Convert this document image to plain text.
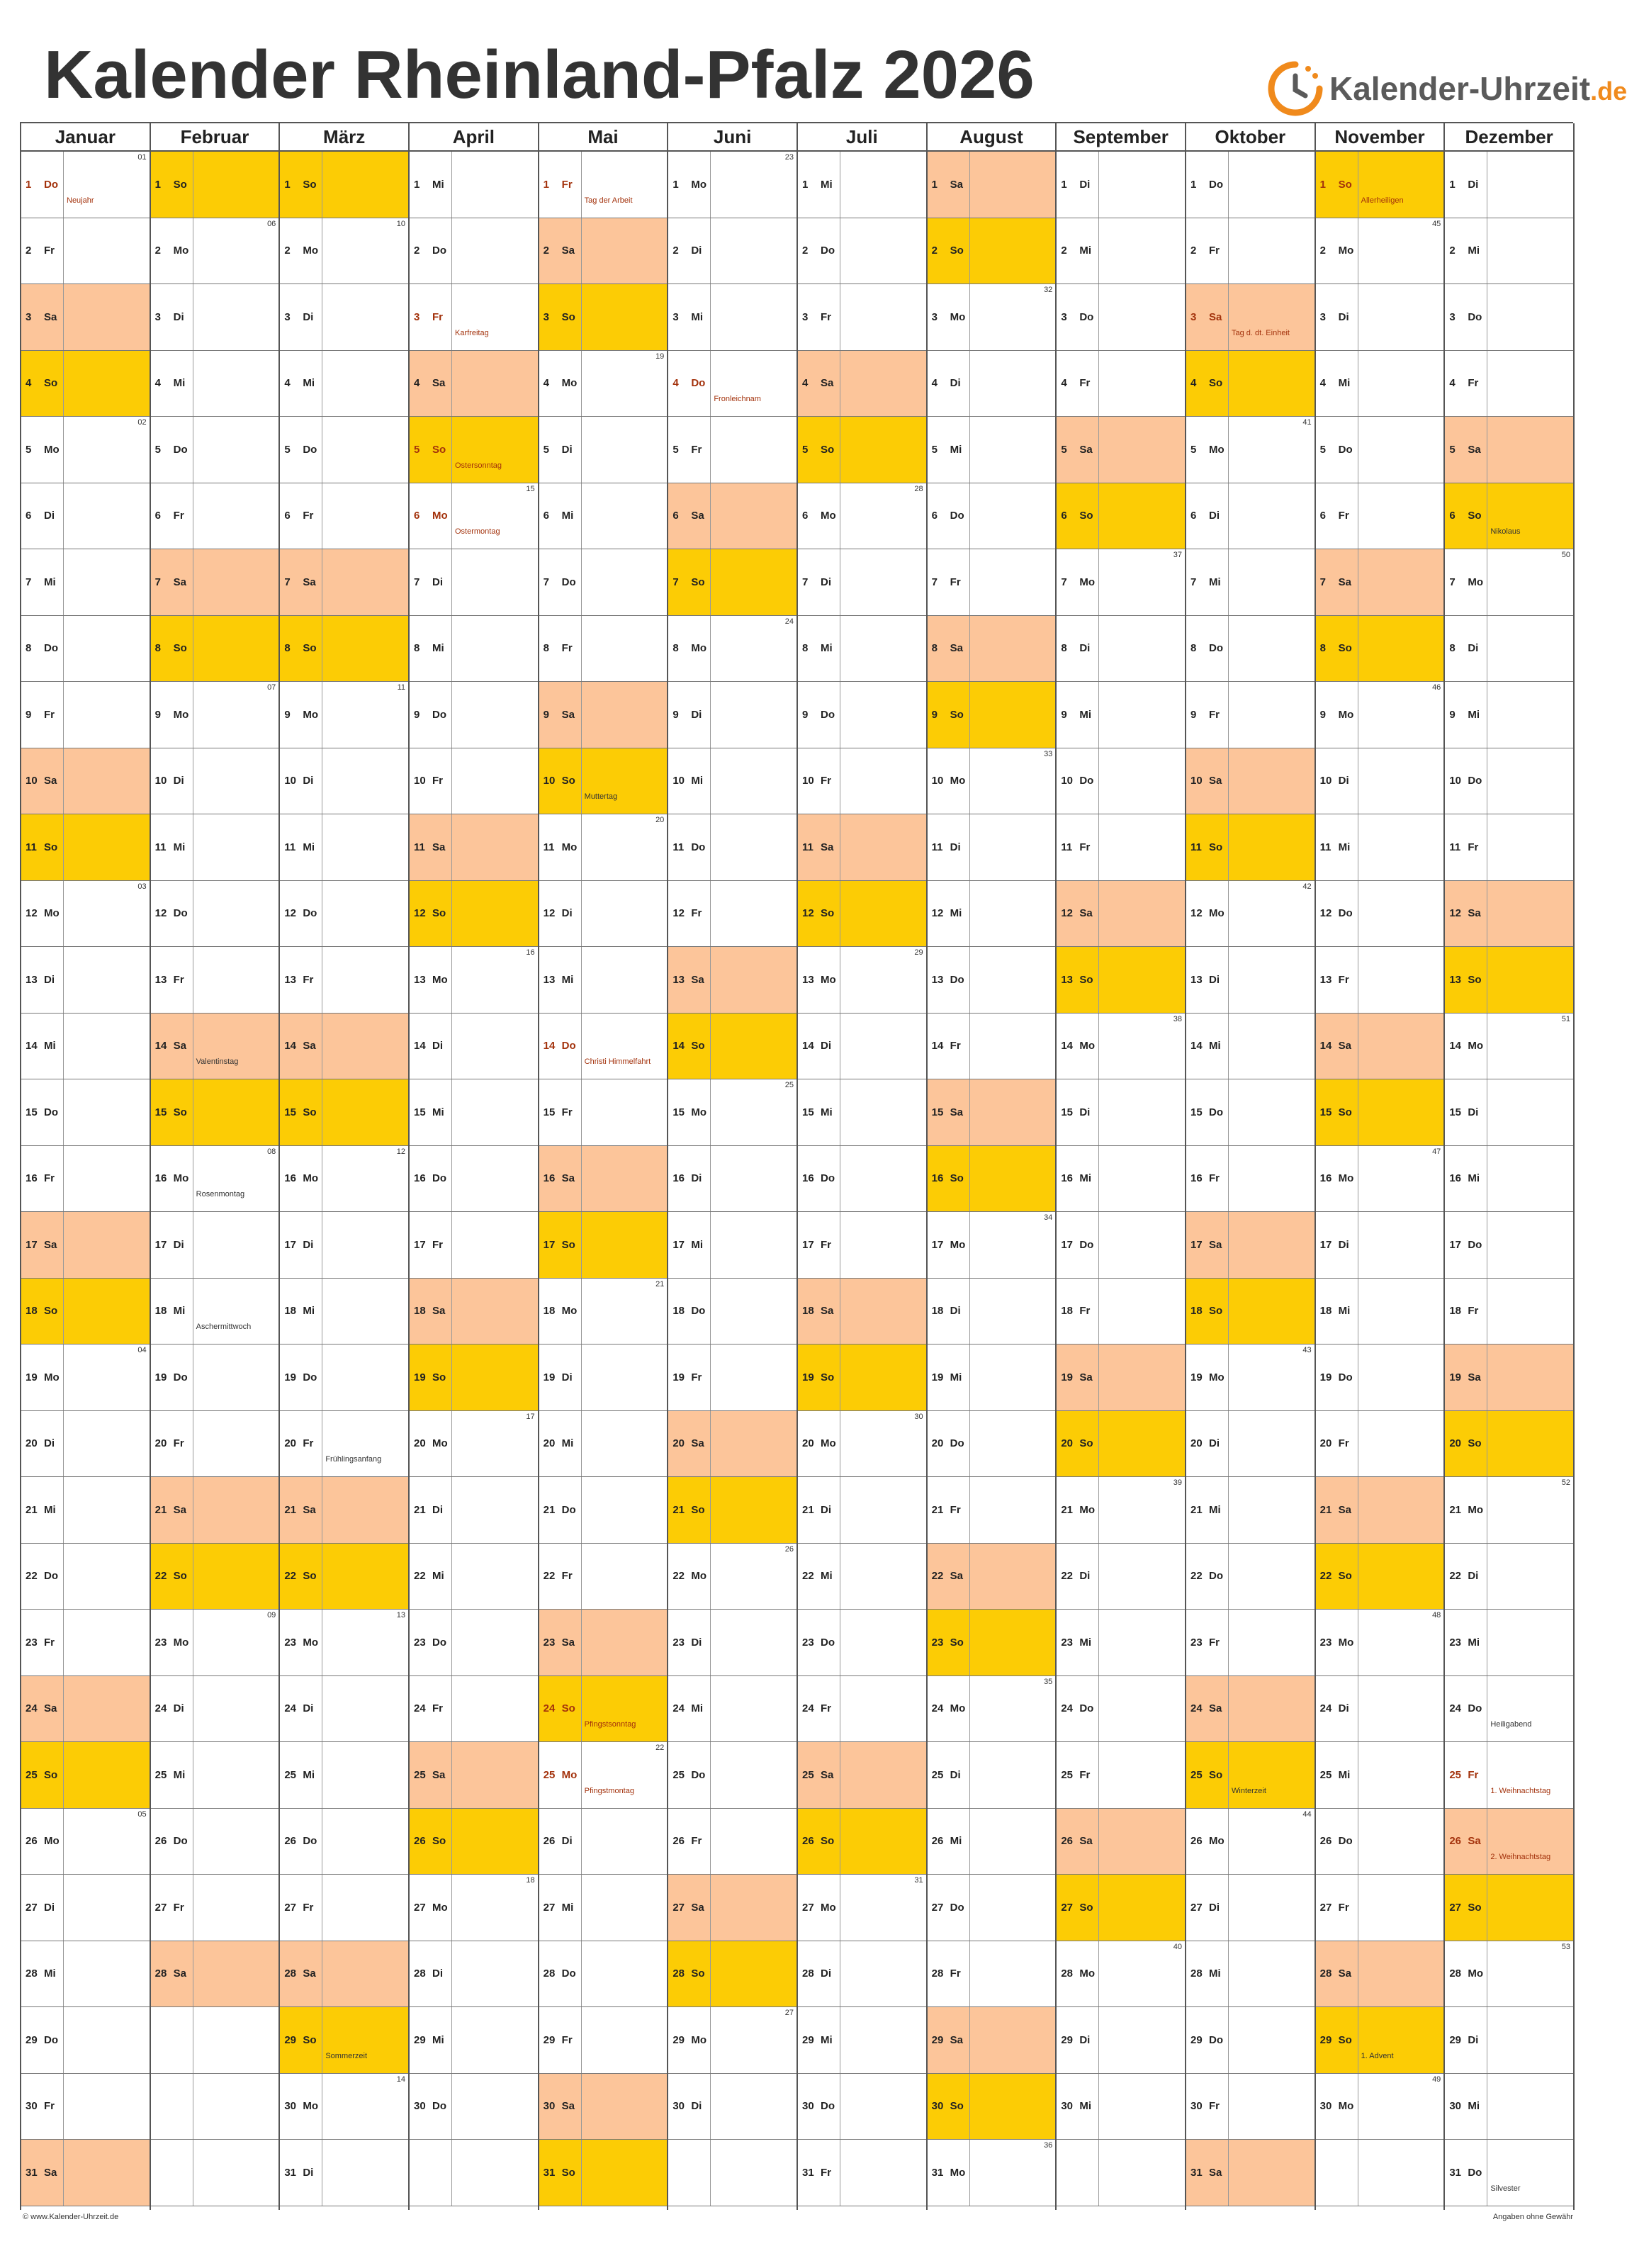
Kalender Rheinland-Pfalz 2026	Kalender-Uhrzeit.de
Januar
1 Do
Neujahr
01
2 Fr
3 Sa
4 So
5 Mo
02
6 Di
7 Mi
8 Do
9 Fr
10 Sa
11 So
12 Mo
03
13 Di
14 Mi
15 Do
16 Fr
17 Sa
18 So
19 Mo
04
20 Di
21 Mi
22 Do
23 Fr
24 Sa
25 So
26 Mo
05
27 Di
28 Mi
29 Do
30 Fr
31 Sa
Februar
1 So
2 Mo
06
3 Di
4 Mi
5 Do
6 Fr
7 Sa
8 So
9 Mo
07
10 Di
11 Mi
12 Do
13 Fr
14 Sa
Valentinstag
15 So
16 Mo
Rosenmontag
08
17 Di
18 Mi
Aschermittwoch
19 Do
20 Fr
21 Sa
22 So
23 Mo
09
24 Di
25 Mi
26 Do
27 Fr
28 Sa
März
1 So
2 Mo
10
3 Di
4 Mi
5 Do
6 Fr
7 Sa
8 So
9 Mo
11
10 Di
11 Mi
12 Do
13 Fr
14 Sa
15 So
16 Mo
12
17 Di
18 Mi
19 Do
20 Fr
Frühlingsanfang
21 Sa
22 So
23 Mo
13
24 Di
25 Mi
26 Do
27 Fr
28 Sa
29 So
Sommerzeit
30 Mo
14
31 Di
April
1 Mi
2 Do
3 Fr
Karfreitag
4 Sa
5 So
Ostersonntag
6 Mo
Ostermontag
15
7 Di
8 Mi
9 Do
10 Fr
11 Sa
12 So
13 Mo
16
14 Di
15 Mi
16 Do
17 Fr
18 Sa
19 So
20 Mo
17
21 Di
22 Mi
23 Do
24 Fr
25 Sa
26 So
27 Mo
18
28 Di
29 Mi
30 Do
Mai
1 Fr
Tag der Arbeit
2 Sa
3 So
4 Mo
19
5 Di
6 Mi
7 Do
8 Fr
9 Sa
10 So
Muttertag
11 Mo
20
12 Di
13 Mi
14 Do
Christi Himmelfahrt
15 Fr
16 Sa
17 So
18 Mo
21
19 Di
20 Mi
21 Do
22 Fr
23 Sa
24 So
Pfingstsonntag
25 Mo
Pfingstmontag
22
26 Di
27 Mi
28 Do
29 Fr
30 Sa
31 So
Juni
1 Mo
23
2 Di
3 Mi
4 Do
Fronleichnam
5 Fr
6 Sa
7 So
8 Mo
24
9 Di
10 Mi
11 Do
12 Fr
13 Sa
14 So
15 Mo
25
16 Di
17 Mi
18 Do
19 Fr
20 Sa
21 So
22 Mo
26
23 Di
24 Mi
25 Do
26 Fr
27 Sa
28 So
29 Mo
27
30 Di
Juli
1 Mi
2 Do
3 Fr
4 Sa
5 So
6 Mo
28
7 Di
8 Mi
9 Do
10 Fr
11 Sa
12 So
13 Mo
29
14 Di
15 Mi
16 Do
17 Fr
18 Sa
19 So
20 Mo
30
21 Di
22 Mi
23 Do
24 Fr
25 Sa
26 So
27 Mo
31
28 Di
29 Mi
30 Do
31 Fr
August
1 Sa
2 So
3 Mo
32
4 Di
5 Mi
6 Do
7 Fr
8 Sa
9 So
10 Mo
33
11 Di
12 Mi
13 Do
14 Fr
15 Sa
16 So
17 Mo
34
18 Di
19 Mi
20 Do
21 Fr
22 Sa
23 So
24 Mo
35
25 Di
26 Mi
27 Do
28 Fr
29 Sa
30 So
31 Mo
36
September
1 Di
2 Mi
3 Do
4 Fr
5 Sa
6 So
7 Mo
37
8 Di
9 Mi
10 Do
11 Fr
12 Sa
13 So
14 Mo
38
15 Di
16 Mi
17 Do
18 Fr
19 Sa
20 So
21 Mo
39
22 Di
23 Mi
24 Do
25 Fr
26 Sa
27 So
28 Mo
40
29 Di
30 Mi
Oktober
1 Do
2 Fr
3 Sa
Tag d. dt. Einheit
4 So
5 Mo
41
6 Di
7 Mi
8 Do
9 Fr
10 Sa
11 So
12 Mo
42
13 Di
14 Mi
15 Do
16 Fr
17 Sa
18 So
19 Mo
43
20 Di
21 Mi
22 Do
23 Fr
24 Sa
25 So
Winterzeit
26 Mo
44
27 Di
28 Mi
29 Do
30 Fr
31 Sa
November
1 So
Allerheiligen
2 Mo
45
3 Di
4 Mi
5 Do
6 Fr
7 Sa
8 So
9 Mo
46
10 Di
11 Mi
12 Do
13 Fr
14 Sa
15 So
16 Mo
47
17 Di
18 Mi
19 Do
20 Fr
21 Sa
22 So
23 Mo
48
24 Di
25 Mi
26 Do
27 Fr
28 Sa
29 So
1. Advent
30 Mo
49
Dezember
1 Di
2 Mi
3 Do
4 Fr
5 Sa
6 So
Nikolaus
7 Mo
50
8 Di
9 Mi
10 Do
11 Fr
12 Sa
13 So
14 Mo
51
15 Di
16 Mi
17 Do
18 Fr
19 Sa
20 So
21 Mo
52
22 Di
23 Mi
24 Do
Heiligabend
25 Fr
1. Weihnachtstag
26 Sa
2. Weihnachtstag
27 So
28 Mo
53
29 Di
30 Mi
31 Do
Silvester
© www.Kalender-Uhrzeit.de	Angaben ohne Gewähr
